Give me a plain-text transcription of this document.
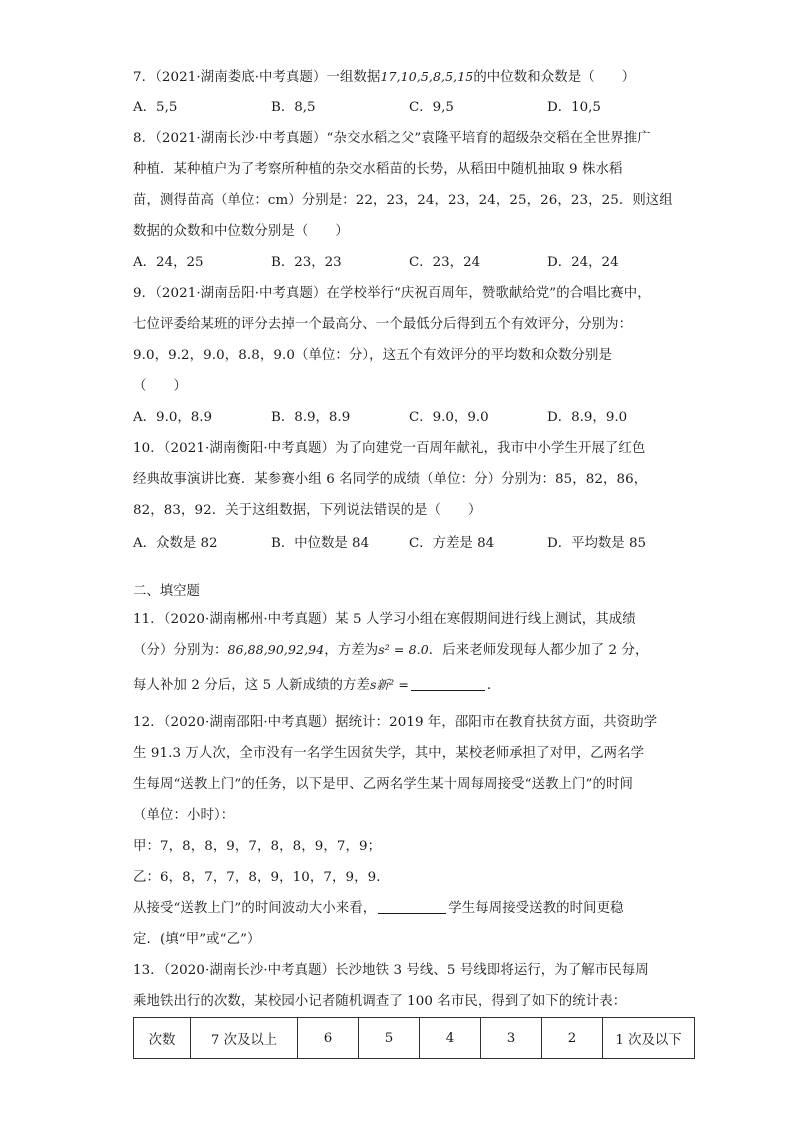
7．（2021·湖南娄底·中考真题）一组数据17,10,5,8,5,15的中位数和众数是（　　）
A．5,5	B．8,5	C．9,5	D．10,5
8．（2021·湖南长沙·中考真题）“杂交水稻之父”袁隆平培育的超级杂交稻在全世界推广
种植．某种植户为了考察所种植的杂交水稻苗的长势，从稻田中随机抽取 9 株水稻
苗，测得苗高（单位：cm）分别是：22，23，24，23，24，25，26，23，25．则这组
数据的众数和中位数分别是（　　）
A．24，25	B．23，23	C．23，24	D．24，24
9．（2021·湖南岳阳·中考真题）在学校举行“庆祝百周年，赞歌献给党”的合唱比赛中，
七位评委给某班的评分去掉一个最高分、一个最低分后得到五个有效评分，分别为：
9.0，9.2，9.0，8.8，9.0（单位：分），这五个有效评分的平均数和众数分别是
（　　）
A．9.0，8.9	B．8.9，8.9	C．9.0，9.0	D．8.9，9.0
10．（2021·湖南衡阳·中考真题）为了向建党一百周年献礼，我市中小学生开展了红色
经典故事演讲比赛．某参赛小组 6 名同学的成绩（单位：分）分别为：85，82，86，
82，83，92．关于这组数据，下列说法错误的是（　　）
A．众数是 82	B．中位数是 84	C．方差是 84	D．平均数是 85
二、填空题
11．（2020·湖南郴州·中考真题）某 5 人学习小组在寒假期间进行线上测试，其成绩
（分）分别为：86,88,90,92,94，方差为s² = 8.0．后来老师发现每人都少加了 2 分，
每人补加 2 分后，这 5 人新成绩的方差s新² =	．
12．（2020·湖南邵阳·中考真题）据统计：2019 年，邵阳市在教育扶贫方面，共资助学
生 91.3 万人次，全市没有一名学生因贫失学，其中，某校老师承担了对甲，乙两名学
生每周“送教上门”的任务，以下是甲、乙两名学生某十周每周接受“送教上门”的时间
（单位：小时）：
甲：7，8，8，9，7，8，8，9，7，9；
乙：6，8，7，7，8，9，10，7，9，9．
从接受“送教上门”的时间波动大小来看，	学生每周接受送教的时间更稳
定．(填“甲”或“乙”）
13．（2020·湖南长沙·中考真题）长沙地铁 3 号线、5 号线即将运行，为了解市民每周
乘地铁出行的次数，某校园小记者随机调查了 100 名市民，得到了如下的统计表：
次数	7 次及以上	6	5	4	3	2	1 次及以下
